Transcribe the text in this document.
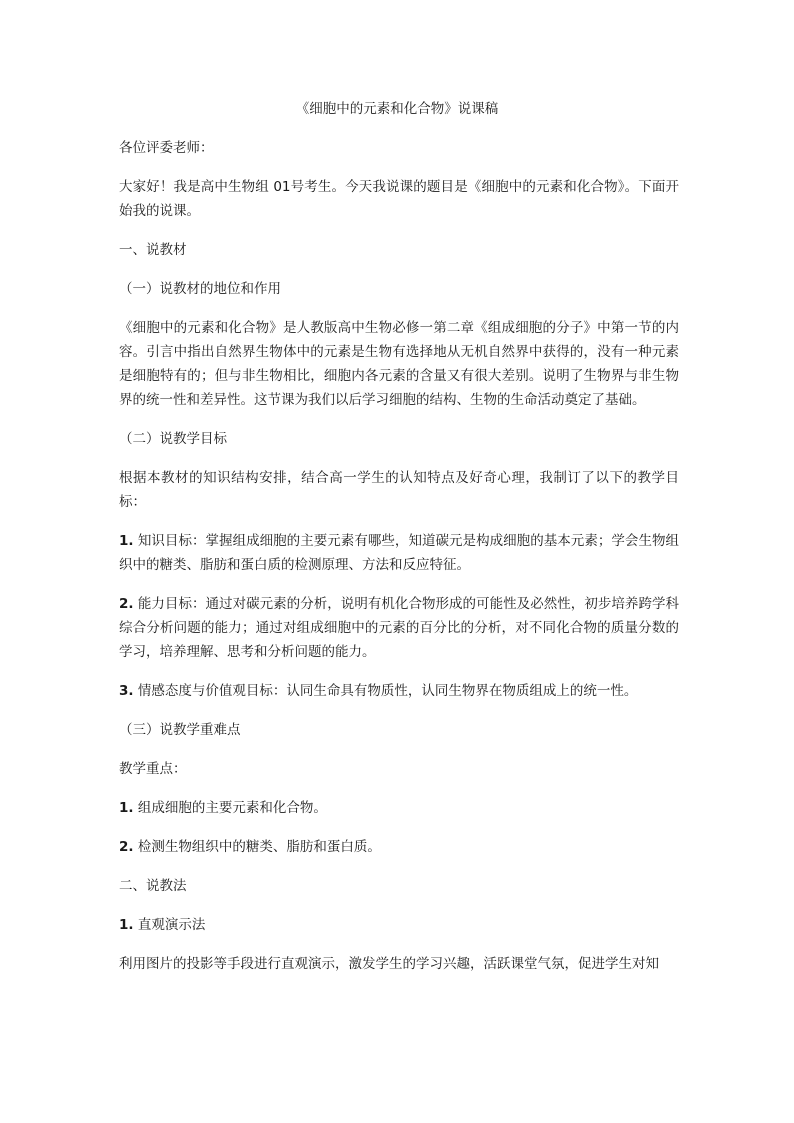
《细胞中的元素和化合物》说课稿

各位评委老师：

大家好！我是高中生物组 01号考生。今天我说课的题目是《细胞中的元素和化合物》。下面开始我的说课。

一、说教材

（一）说教材的地位和作用

《细胞中的元素和化合物》是人教版高中生物必修一第二章《组成细胞的分子》中第一节的内容。引言中指出自然界生物体中的元素是生物有选择地从无机自然界中获得的，没有一种元素是细胞特有的；但与非生物相比，细胞内各元素的含量又有很大差别。说明了生物界与非生物界的统一性和差异性。这节课为我们以后学习细胞的结构、生物的生命活动奠定了基础。

（二）说教学目标

根据本教材的知识结构安排，结合高一学生的认知特点及好奇心理，我制订了以下的教学目标：

1. 知识目标：掌握组成细胞的主要元素有哪些，知道碳元是构成细胞的基本元素；学会生物组织中的糖类、脂肪和蛋白质的检测原理、方法和反应特征。

2. 能力目标：通过对碳元素的分析，说明有机化合物形成的可能性及必然性，初步培养跨学科综合分析问题的能力；通过对组成细胞中的元素的百分比的分析，对不同化合物的质量分数的学习，培养理解、思考和分析问题的能力。

3. 情感态度与价值观目标：认同生命具有物质性，认同生物界在物质组成上的统一性。

（三）说教学重难点

教学重点：

1. 组成细胞的主要元素和化合物。

2. 检测生物组织中的糖类、脂肪和蛋白质。

二、说教法

1. 直观演示法

利用图片的投影等手段进行直观演示，激发学生的学习兴趣，活跃课堂气氛，促进学生对知
